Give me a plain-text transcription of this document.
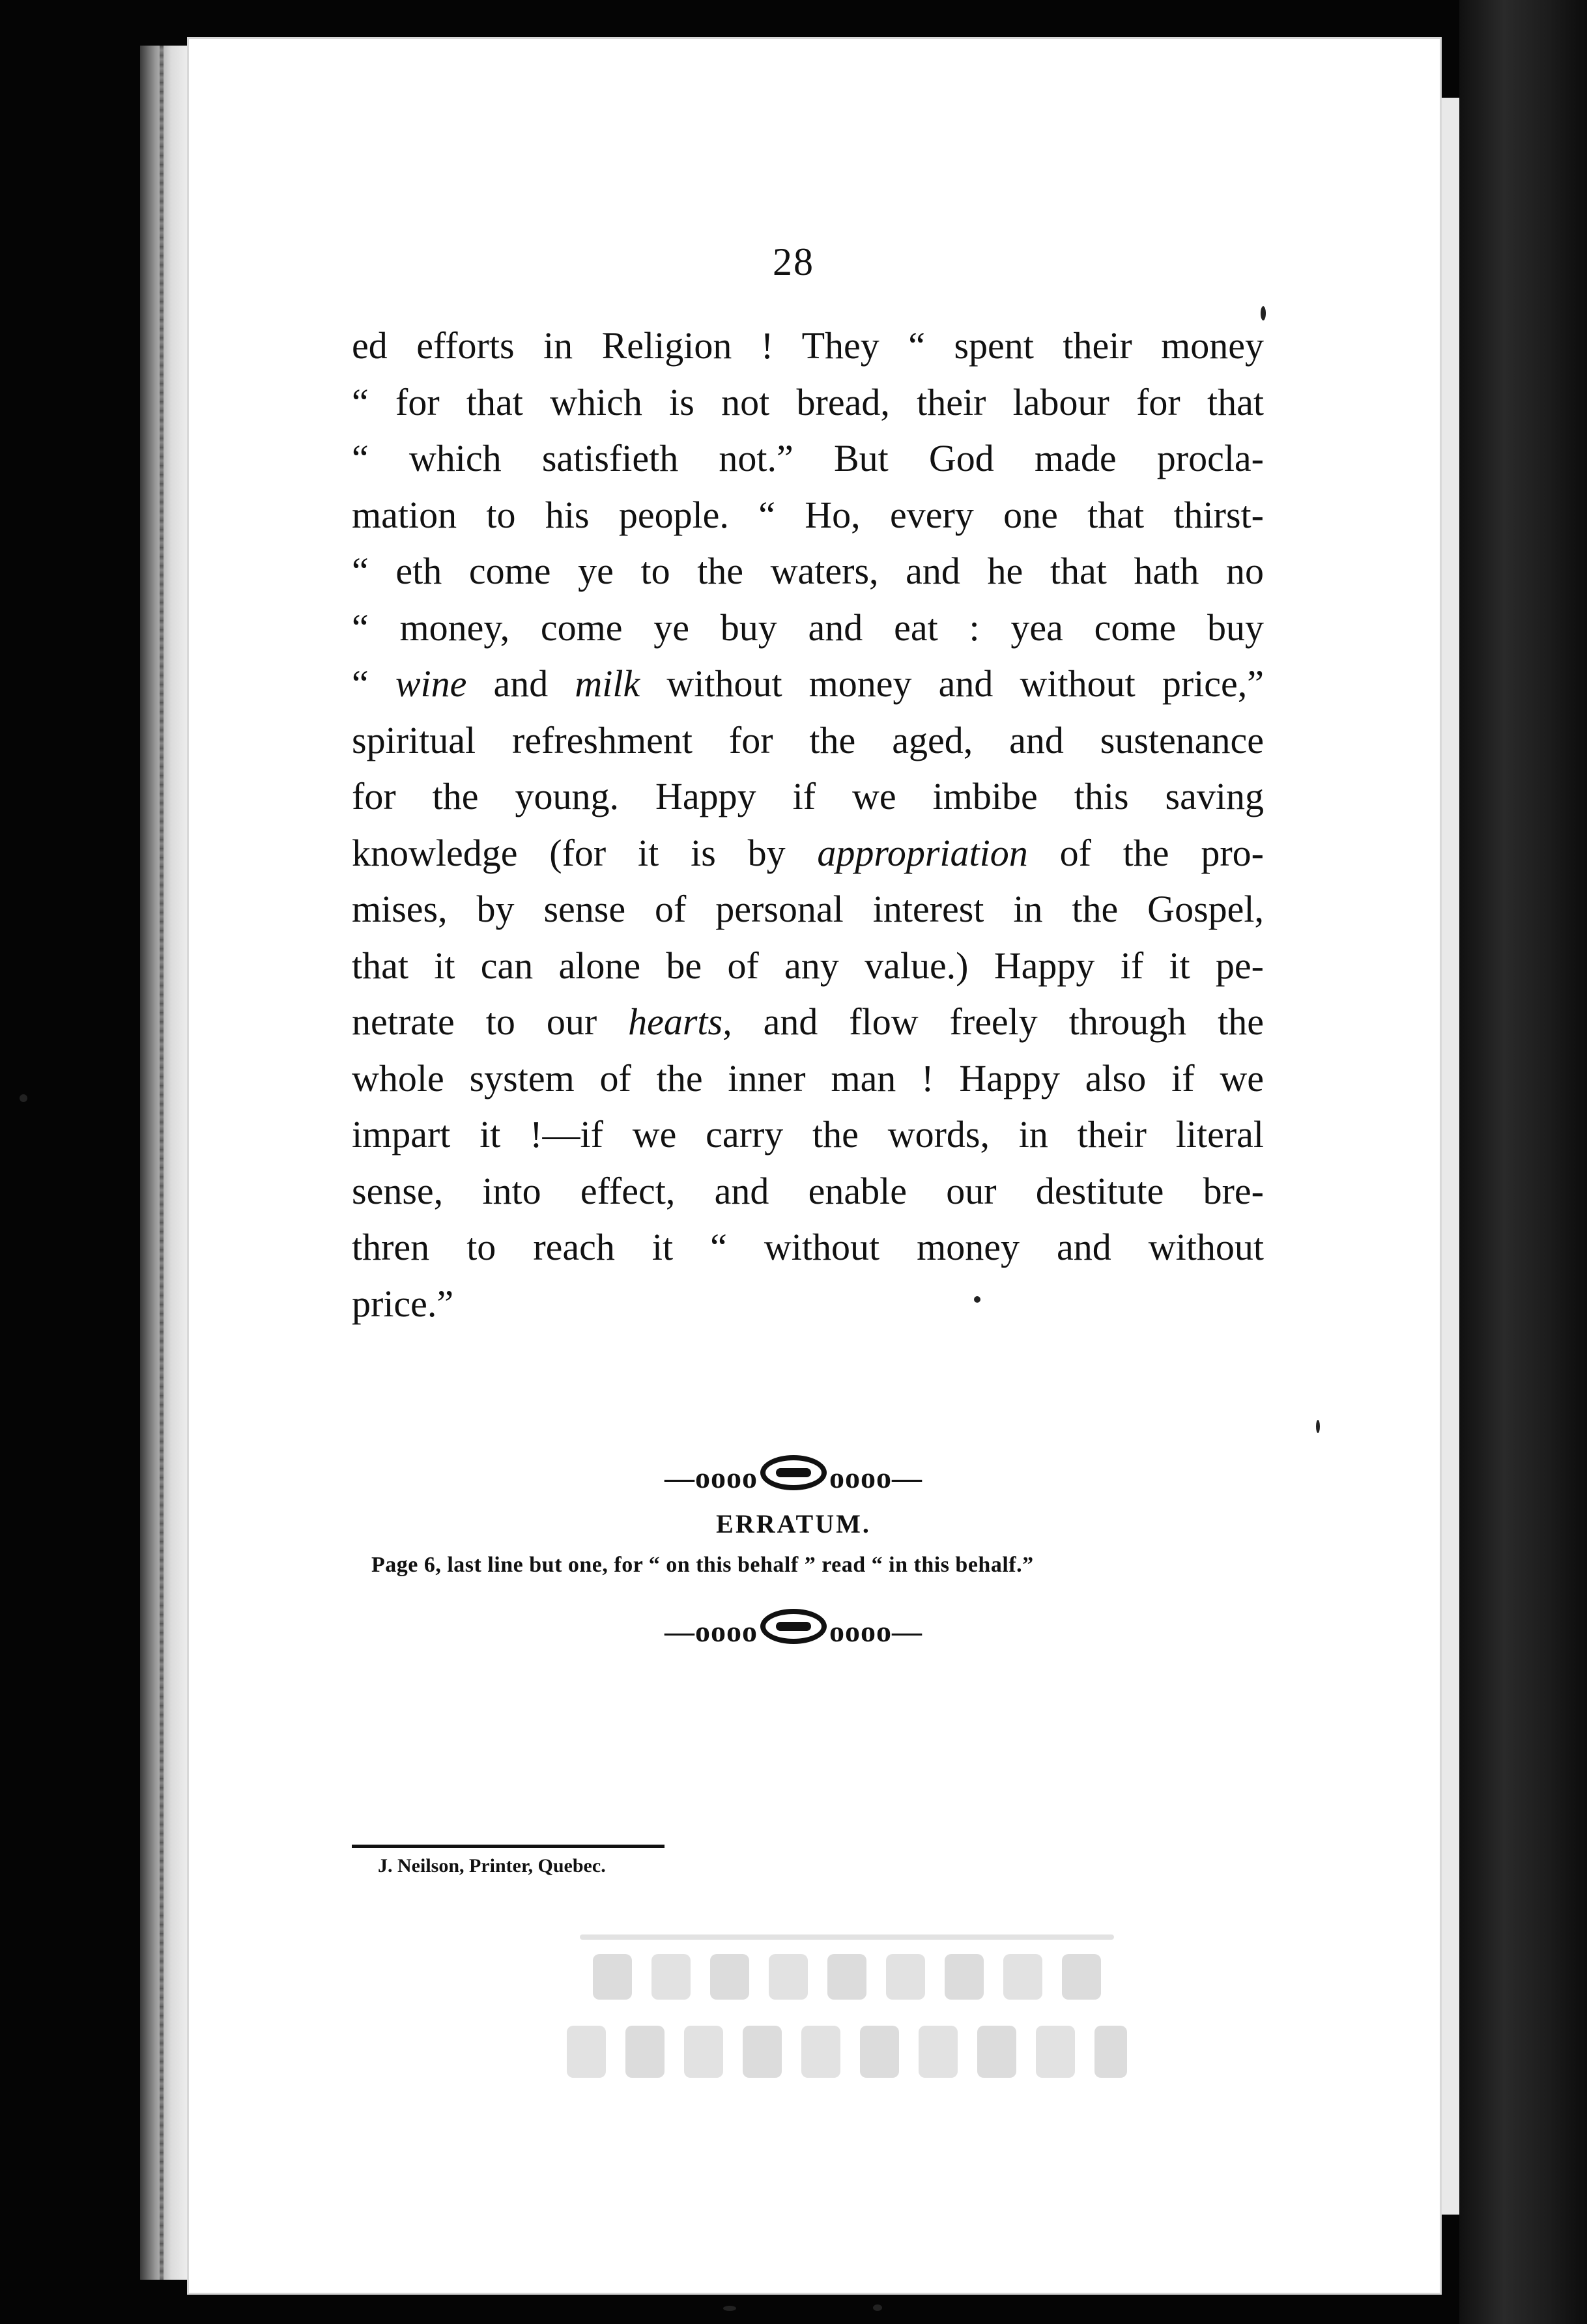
28
ed efforts in Religion ! They “ spent their money
“ for that which is not bread, their labour for that
“ which satisfieth not.” But God made procla-
mation to his people. “ Ho, every one that thirst-
“ eth come ye to the waters, and he that hath no
“ money, come ye buy and eat : yea come buy
“ wine and milk without money and without price,”
spiritual refreshment for the aged, and sustenance
for the young. Happy if we imbibe this saving
knowledge (for it is by appropriation of the pro-
mises, by sense of personal interest in the Gospel,
that it can alone be of any value.) Happy if it pe-
netrate to our hearts, and flow freely through the
whole system of the inner man ! Happy also if we
impart it !—if we carry the words, in their literal
sense, into effect, and enable our destitute bre-
thren to reach it “ without money and without
price.”
—oooo oooo—
ERRATUM.
Page 6, last line but one, for “ on this behalf ” read “ in this behalf.”
—oooo oooo—
J. Neilson, Printer, Quebec.
